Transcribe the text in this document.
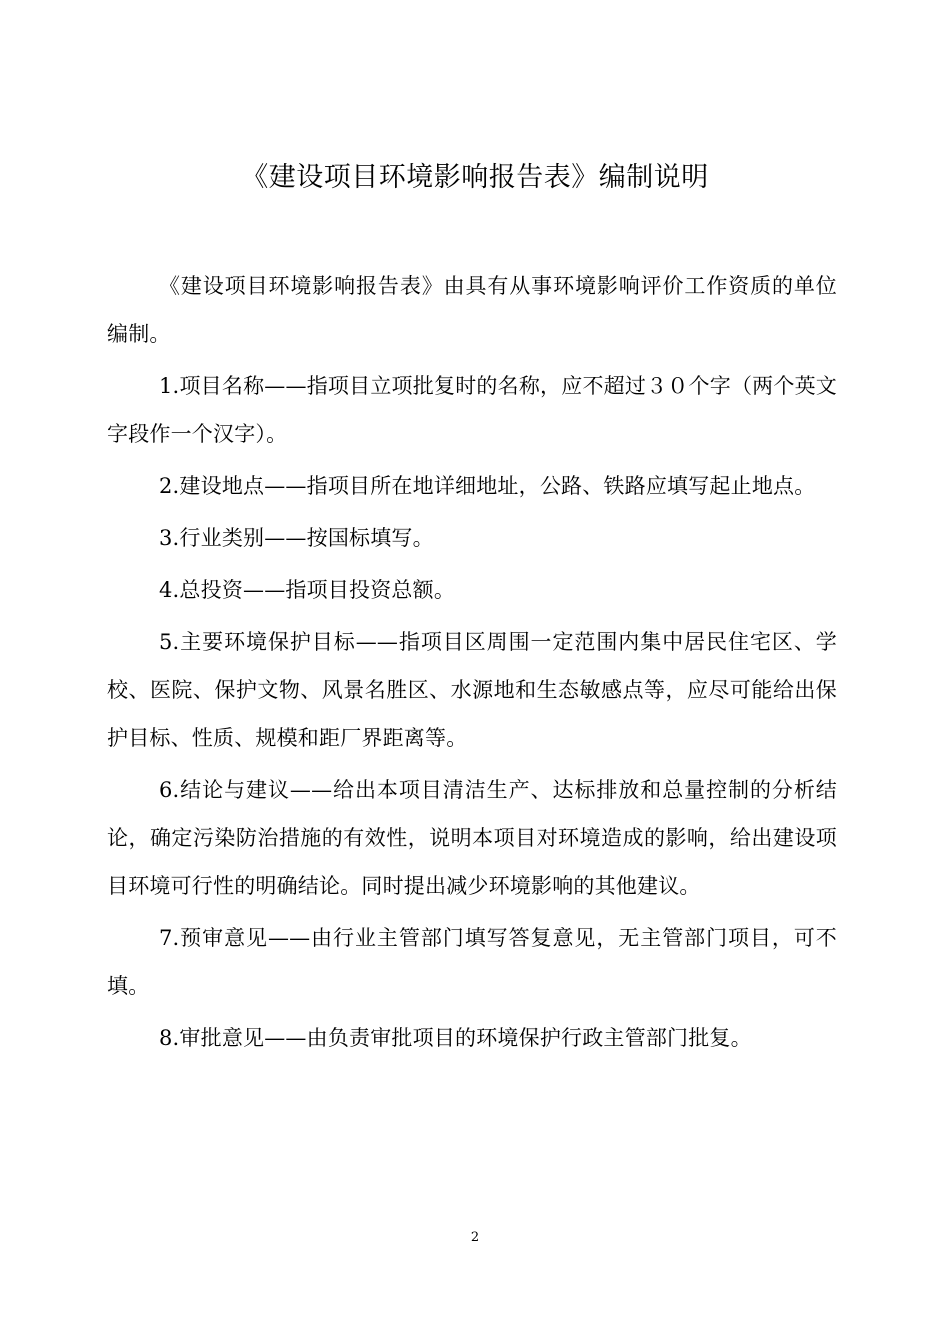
《建设项目环境影响报告表》编制说明

《建设项目环境影响报告表》由具有从事环境影响评价工作资质的单位编制。

1.项目名称——指项目立项批复时的名称，应不超过３０个字（两个英文字段作一个汉字）。

2.建设地点——指项目所在地详细地址，公路、铁路应填写起止地点。

3.行业类别——按国标填写。

4.总投资——指项目投资总额。

5.主要环境保护目标——指项目区周围一定范围内集中居民住宅区、学校、医院、保护文物、风景名胜区、水源地和生态敏感点等，应尽可能给出保护目标、性质、规模和距厂界距离等。

6.结论与建议——给出本项目清洁生产、达标排放和总量控制的分析结论，确定污染防治措施的有效性，说明本项目对环境造成的影响，给出建设项目环境可行性的明确结论。同时提出减少环境影响的其他建议。

7.预审意见——由行业主管部门填写答复意见，无主管部门项目，可不填。

8.审批意见——由负责审批项目的环境保护行政主管部门批复。

2
